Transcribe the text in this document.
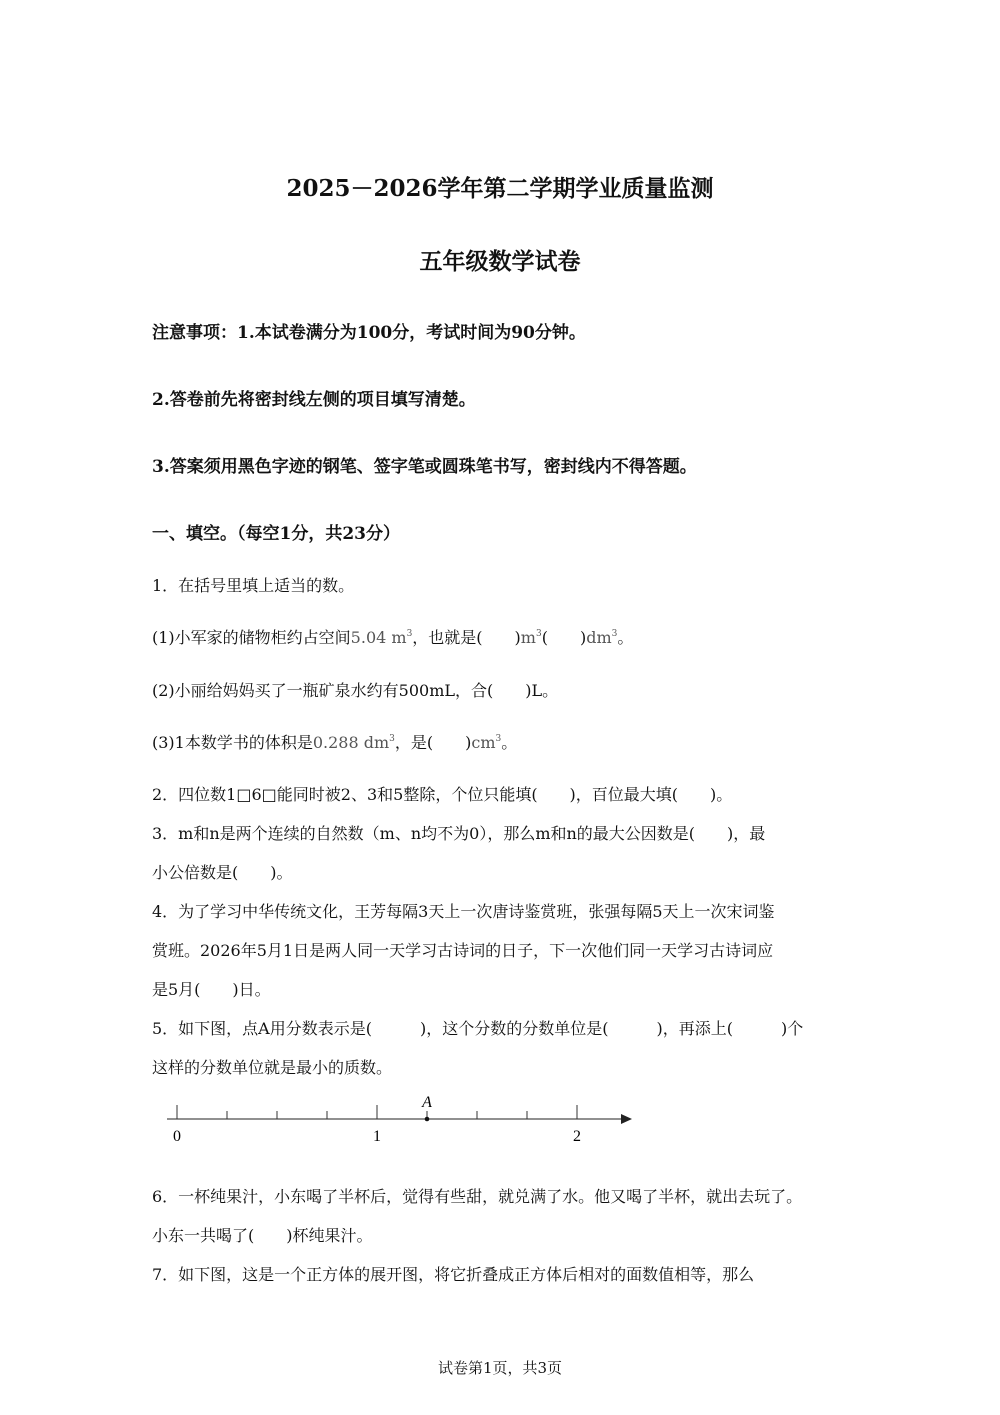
2025－2026学年第二学期学业质量监测
五年级数学试卷
注意事项：1.本试卷满分为100分，考试时间为90分钟。
2.答卷前先将密封线左侧的项目填写清楚。
3.答案须用黑色字迹的钢笔、签字笔或圆珠笔书写，密封线内不得答题。
一、填空。（每空1分，共23分）
1．在括号里填上适当的数。
(1)小军家的储物柜约占空间5.04 $m^3$，也就是(　　)$m^3$(　　)$dm^3$。
(2)小丽给妈妈买了一瓶矿泉水约有500mL，合(　　)L。
(3)1本数学书的体积是0.288 $dm^3$，是(　　)$cm^3$。
2．四位数1□6□能同时被2、3和5整除，个位只能填(　　)，百位最大填(　　)。
3．m和n是两个连续的自然数（m、n均不为0），那么m和n的最大公因数是(　　)，最
小公倍数是(　　)。
4．为了学习中华传统文化，王芳每隔3天上一次唐诗鉴赏班，张强每隔5天上一次宋词鉴
赏班。2026年5月1日是两人同一天学习古诗词的日子，下一次他们同一天学习古诗词应
是5月(　　)日。
5．如下图，点A用分数表示是(　　　)，这个分数的分数单位是(　　　)，再添上(　　　)个
这样的分数单位就是最小的质数。
A
0	1	2
6．一杯纯果汁，小东喝了半杯后，觉得有些甜，就兑满了水。他又喝了半杯，就出去玩了。
小东一共喝了(　　)杯纯果汁。
7．如下图，这是一个正方体的展开图，将它折叠成正方体后相对的面数值相等，那么
试卷第1页，共3页
